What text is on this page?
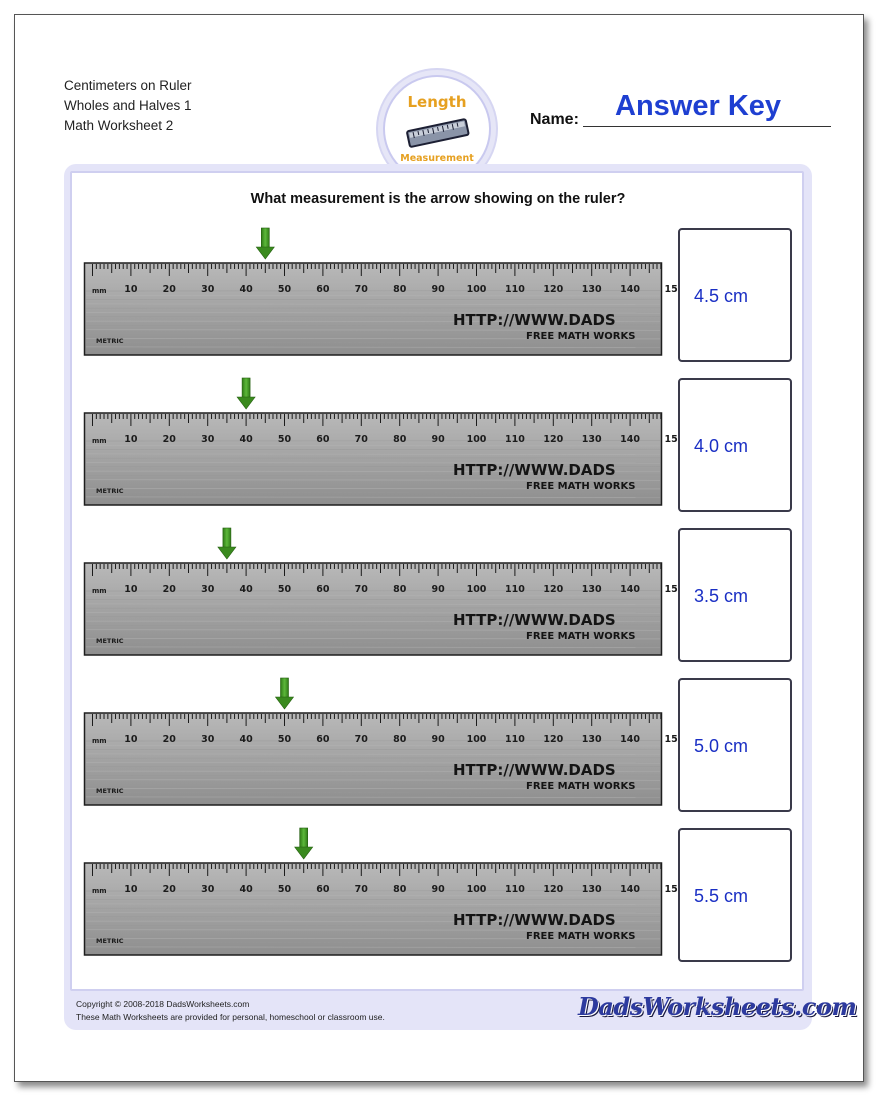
Centimeters on Ruler
Wholes and Halves 1
Math Worksheet 2
Length
Measurement
Name: Answer Key
What measurement is the arrow showing on the ruler?
mm 10	20	30	40	50	60	70	80	90 100 110 120 130 140	15
HTTP://WWW.DADS
FREE MATH WORKS
METRIC
4.5 cm
mm 10	20	30	40	50	60	70	80	90 100 110 120 130 140	15
HTTP://WWW.DADS
FREE MATH WORKS
METRIC
4.0 cm
mm 10	20	30	40	50	60	70	80	90 100 110 120 130 140	15
HTTP://WWW.DADS
FREE MATH WORKS
METRIC
3.5 cm
mm 10	20	30	40	50	60	70	80	90 100 110 120 130 140	15
HTTP://WWW.DADS
FREE MATH WORKS
METRIC
5.0 cm
mm 10	20	30	40	50	60	70	80	90 100 110 120 130 140	15
HTTP://WWW.DADS
FREE MATH WORKS
METRIC
5.5 cm
Copyright © 2008-2018 DadsWorksheets.com
These Math Worksheets are provided for personal, homeschool or classroom use.	DadsWorksheets.com
